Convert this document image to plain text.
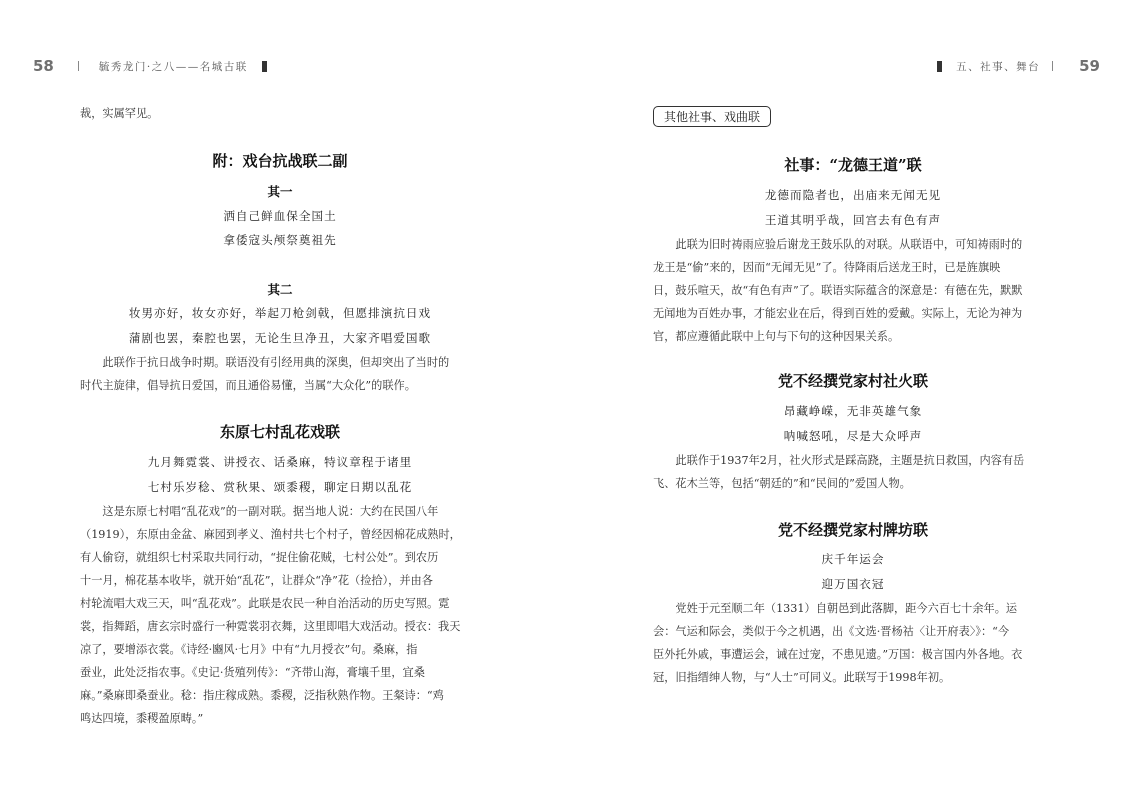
58	毓秀龙门·之八——名城古联
裁，实属罕见。
附：戏台抗战联二副
其一
洒自己鲜血保全国土
拿倭寇头颅祭奠祖先
其二
妆男亦好，妆女亦好，举起刀枪剑戟，但愿排演抗日戏
蒲剧也罢，秦腔也罢，无论生旦净丑，大家齐唱爱国歌
　　此联作于抗日战争时期。联语没有引经用典的深奥，但却突出了当时的
时代主旋律，倡导抗日爱国，而且通俗易懂，当属“大众化”的联作。
东原七村乱花戏联
九月舞霓裳、讲授衣、话桑麻，特议章程于诸里
七村乐岁稔、赏秋果、颂黍稷，聊定日期以乱花
　　这是东原七村唱“乱花戏”的一副对联。据当地人说：大约在民国八年
（1919），东原由金盆、麻园到孝义、渔村共七个村子，曾经因棉花成熟时，
有人偷窃，就组织七村采取共同行动，“捉住偷花贼，七村公处”。到农历
十一月，棉花基本收毕，就开始“乱花”，让群众“净”花（捡拾），并由各
村轮流唱大戏三天，叫“乱花戏”。此联是农民一种自治活动的历史写照。霓
裳，指舞蹈，唐玄宗时盛行一种霓裳羽衣舞，这里即唱大戏活动。授衣：我天
凉了，要增添衣裳。《诗经·豳风·七月》中有“九月授衣”句。桑麻，指
蚕业，此处泛指农事。《史记·货殖列传》：“齐带山海，膏壤千里，宜桑
麻。”桑麻即桑蚕业。稔：指庄稼成熟。黍稷，泛指秋熟作物。王粲诗：“鸡
鸣达四境，黍稷盈原畴。”
五、社事、舞台	59
其他社事、戏曲联
社事：“龙德王道”联
龙德而隐者也，出庙来无闻无见
王道其明乎哉，回宫去有色有声
　　此联为旧时祷雨应验后谢龙王鼓乐队的对联。从联语中，可知祷雨时的
龙王是“偷”来的，因而“无闻无见”了。待降雨后送龙王时，已是旌旗映
日，鼓乐喧天，故“有色有声”了。联语实际蕴含的深意是：有德在先，默默
无闻地为百姓办事，才能宏业在后，得到百姓的爱戴。实际上，无论为神为
官，都应遵循此联中上句与下句的这种因果关系。
党不经撰党家村社火联
昂藏峥嵘，无非英雄气象
呐喊怒吼，尽是大众呼声
　　此联作于1937年2月，社火形式是踩高跷，主题是抗日救国，内容有岳
飞、花木兰等，包括“朝廷的”和“民间的”爱国人物。
党不经撰党家村牌坊联
庆千年运会
迎万国衣冠
　　党姓于元至顺二年（1331）自朝邑到此落脚，距今六百七十余年。运
会：气运和际会，类似于今之机遇，出《文选·晋杨祜〈让开府表〉》：“今
臣外托外戚，事遭运会，诫在过宠，不患见遗。”万国：极言国内外各地。衣
冠，旧指缙绅人物，与“人士”可同义。此联写于1998年初。
